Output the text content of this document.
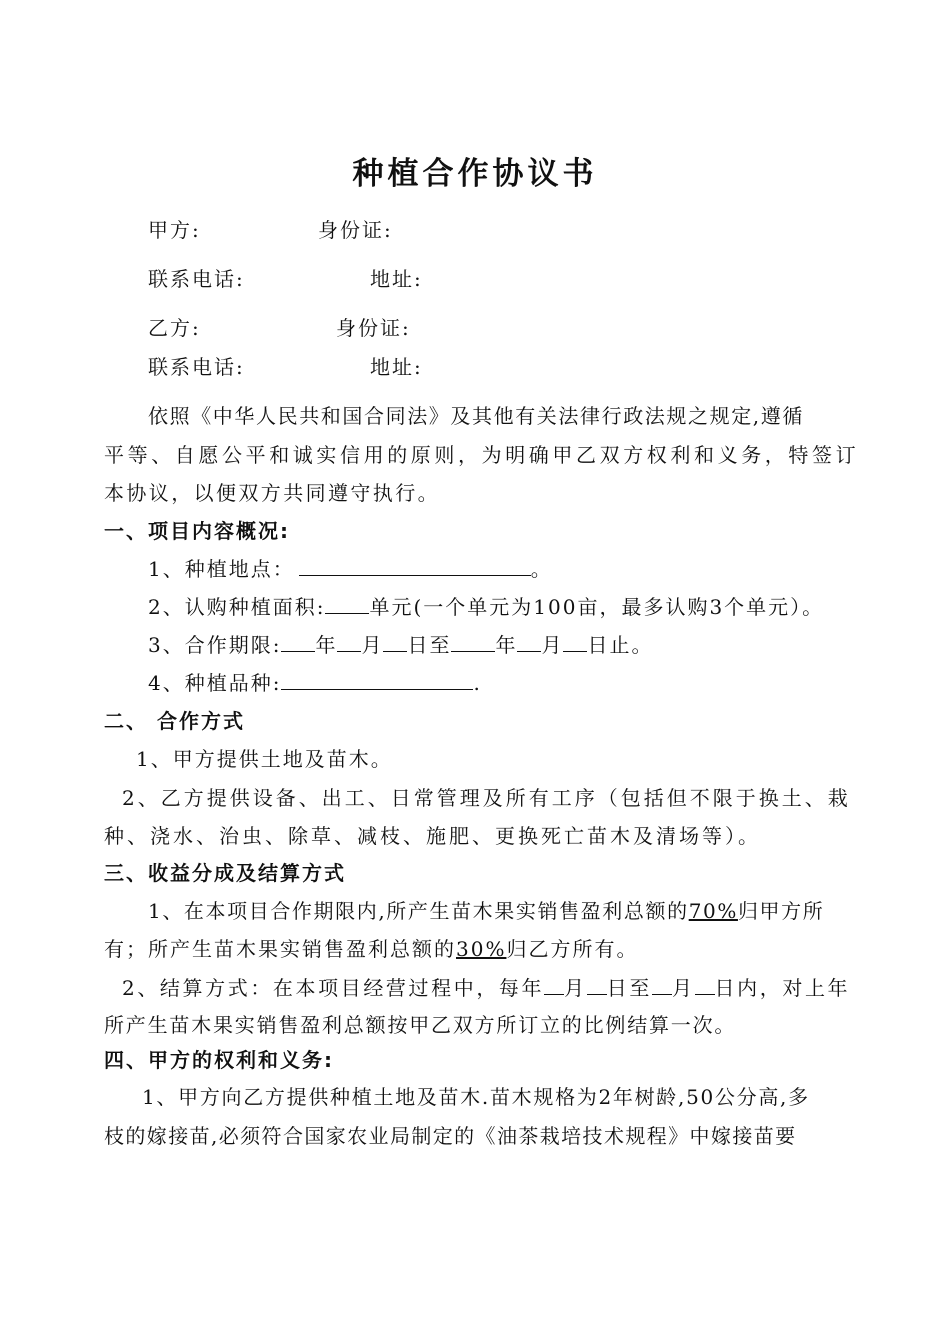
种植合作协议书
甲方:	身份证:
联系电话:	地址:
乙方:	身份证:
联系电话:	地址:
依照《中华人民共和国合同法》及其他有关法律行政法规之规定,遵循
平等、自愿公平和诚实信用的原则，为明确甲乙双方权利和义务，特签订
本协议，以便双方共同遵守执行。
一、项目内容概况:
1、种植地点：	。
2、认购种植面积: 单元(一个单元为100亩，最多认购3个单元）。
3、合作期限: 年 月 日至 年 月 日止。
4、种植品种:	.
二、 合作方式
1、甲方提供土地及苗木。
2、乙方提供设备、出工、日常管理及所有工序（包括但不限于换土、栽
种、浇水、治虫、除草、减枝、施肥、更换死亡苗木及清场等）。
三、收益分成及结算方式
1、在本项目合作期限内,所产生苗木果实销售盈利总额的70%归甲方所
有；所产生苗木果实销售盈利总额的30%归乙方所有。
2、结算方式：在本项目经营过程中，每年 月 日至 月 日内，对上年
所产生苗木果实销售盈利总额按甲乙双方所订立的比例结算一次。
四、甲方的权利和义务:
1、甲方向乙方提供种植土地及苗木.苗木规格为2年树龄,50公分高,多
枝的嫁接苗,必须符合国家农业局制定的《油茶栽培技术规程》中嫁接苗要
